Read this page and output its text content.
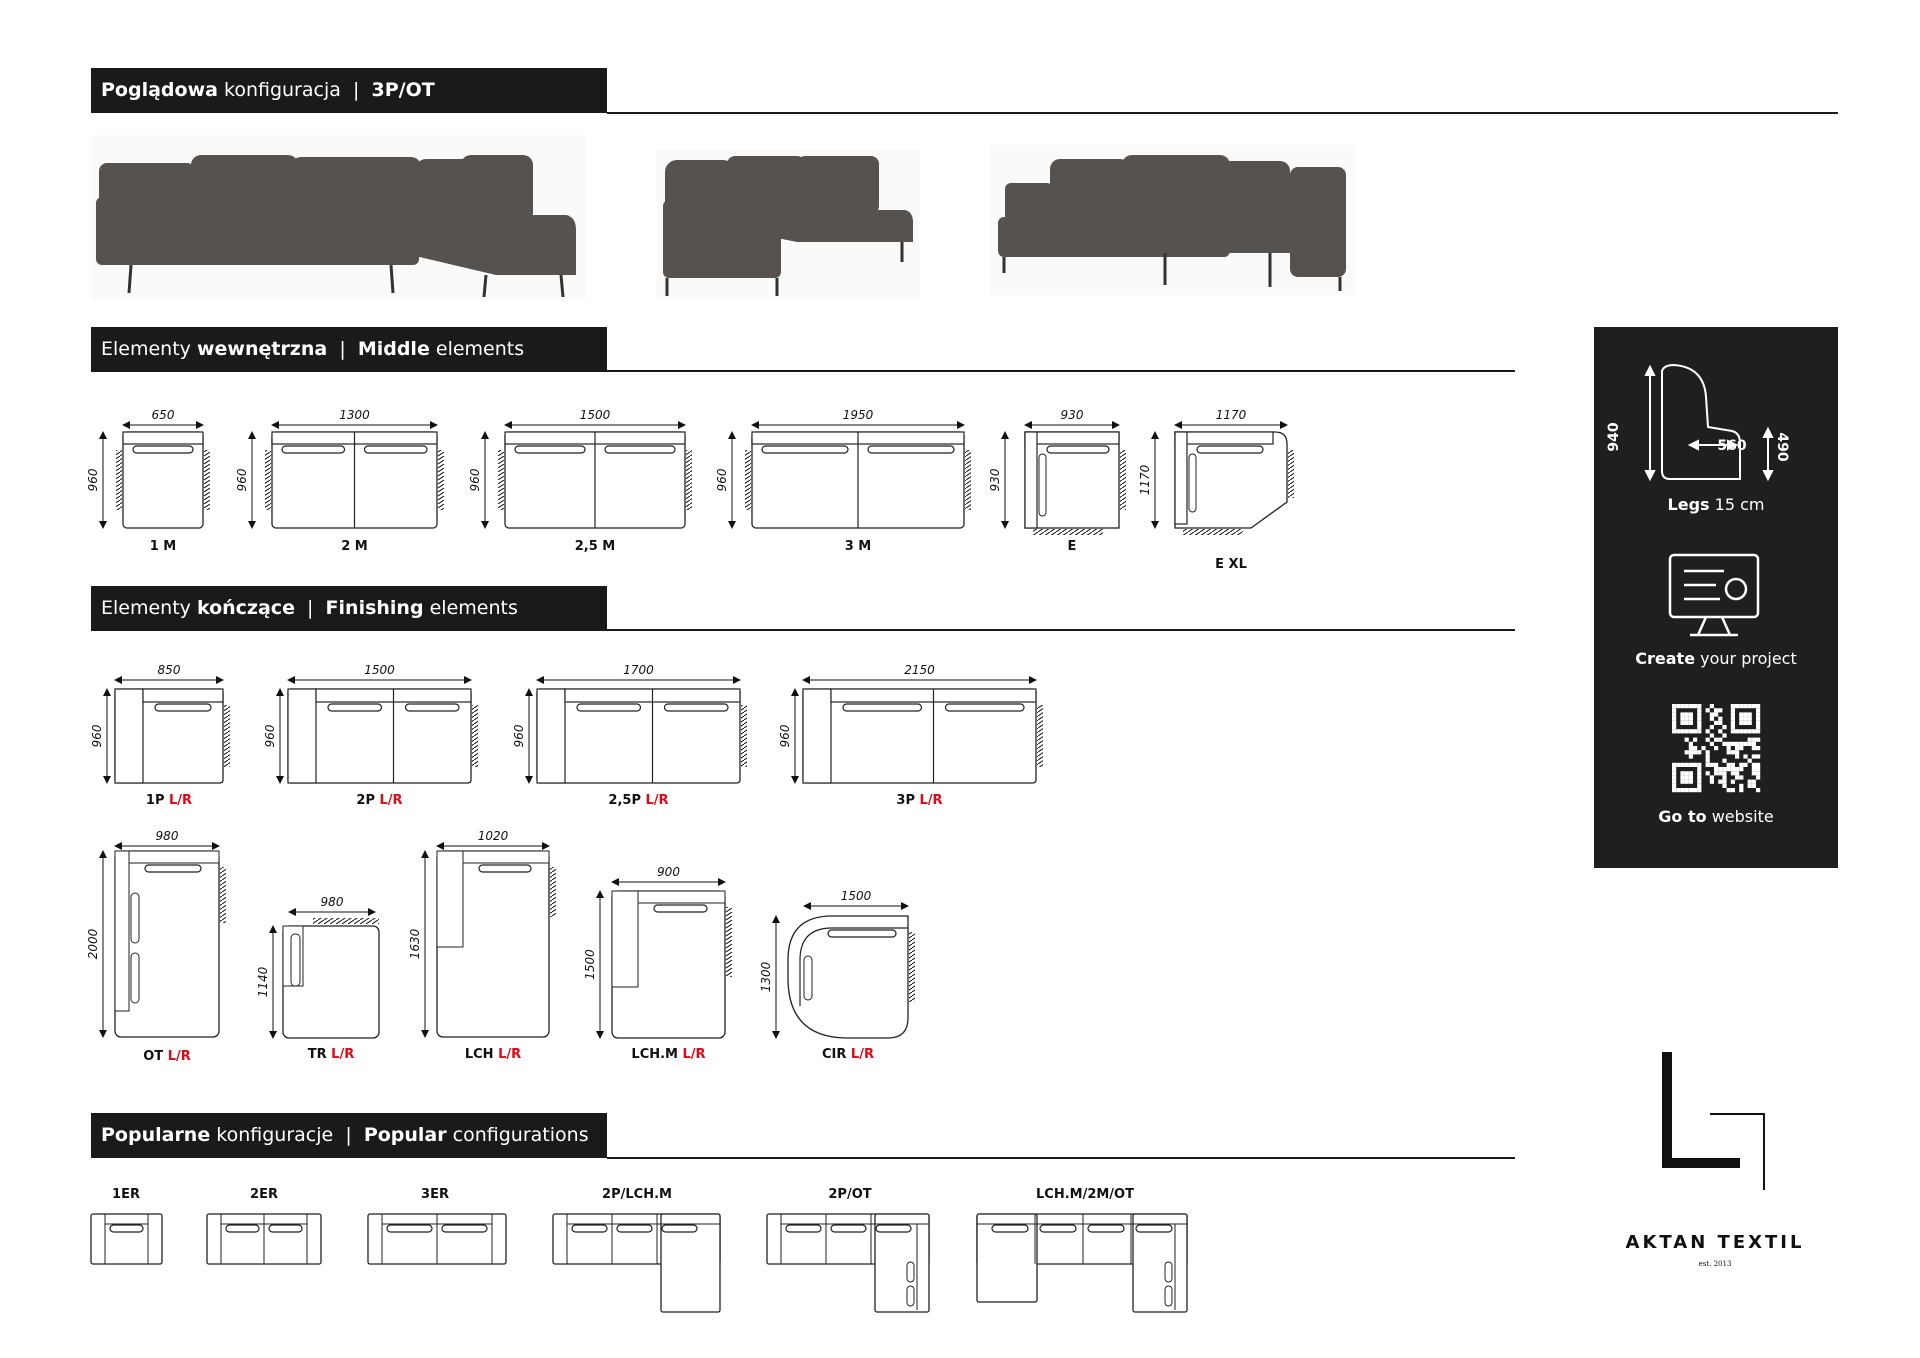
Poglądowa konfiguracja | 3P/OT
Elementy wewnętrzna | Middle elements
Elementy kończące | Finishing elements
Popularne konfiguracje | Popular configurations
650
960
1 M
1300
960
2 M
1500
960
2,5 M
1950
960
3 M
930
930
E
1170
1170
E XL
850
960
1P L/R
1500
960
2P L/R
1700
960
2,5P L/R
2150
960
3P L/R
980
2000
OT L/R
980
1140
TR L/R
1020
1630
LCH L/R
900
1500
LCH.M L/R
1500
1300
CIR L/R
1ER	2ER	3ER	2P/LCH.M	2P/OT	LCH.M/2M/OT
940	560	490
Legs 15 cm
Create your project
Go to website
AKTAN TEXTIL
est. 2013
